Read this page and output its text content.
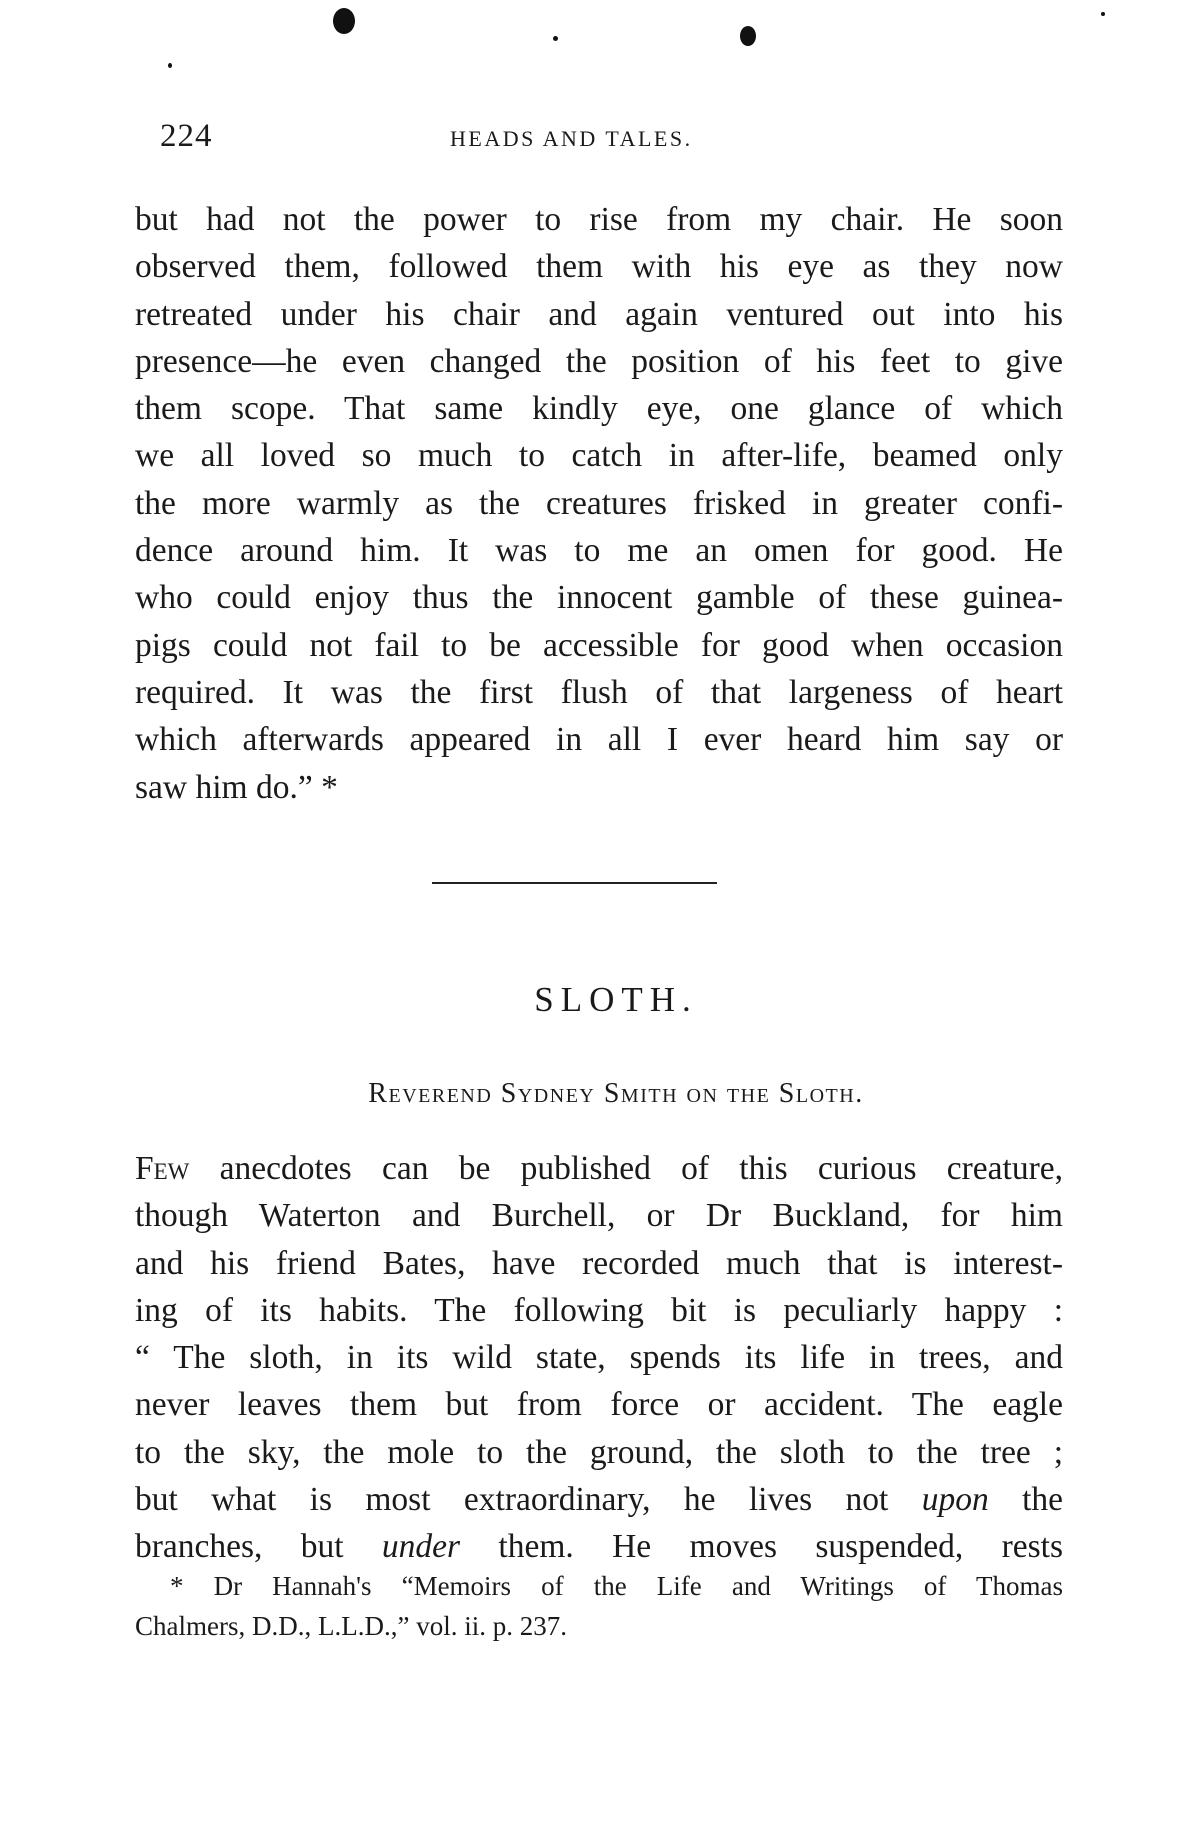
224	HEADS AND TALES.
but had not the power to rise from my chair. He soon
observed them, followed them with his eye as they now
retreated under his chair and again ventured out into his
presence—he even changed the position of his feet to give
them scope. That same kindly eye, one glance of which
we all loved so much to catch in after-life, beamed only
the more warmly as the creatures frisked in greater confi-
dence around him. It was to me an omen for good. He
who could enjoy thus the innocent gamble of these guinea-
pigs could not fail to be accessible for good when occasion
required. It was the first flush of that largeness of heart
which afterwards appeared in all I ever heard him say or
saw him do.” *
SLOTH.
Reverend Sydney Smith on the Sloth.
Few anecdotes can be published of this curious creature,
though Waterton and Burchell, or Dr Buckland, for him
and his friend Bates, have recorded much that is interest-
ing of its habits. The following bit is peculiarly happy :
“ The sloth, in its wild state, spends its life in trees, and
never leaves them but from force or accident. The eagle
to the sky, the mole to the ground, the sloth to the tree ;
but what is most extraordinary, he lives not upon the
branches, but under them. He moves suspended, rests
* Dr Hannah's “Memoirs of the Life and Writings of Thomas
Chalmers, D.D., L.L.D.,” vol. ii. p. 237.
